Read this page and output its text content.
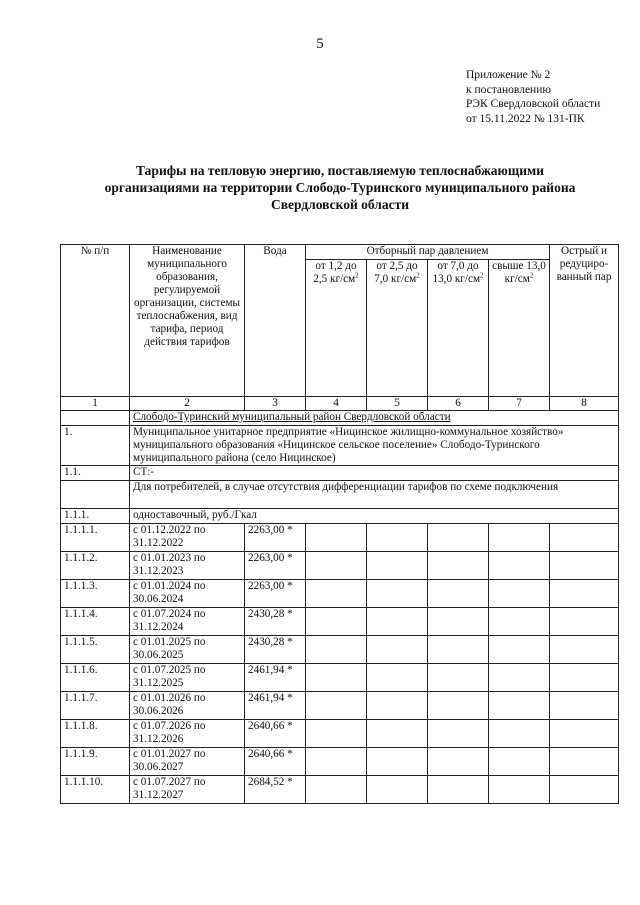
5
Приложение № 2
к постановлению
РЭК Свердловской области
от 15.11.2022 № 131-ПК
Тарифы на тепловую энергию, поставляемую теплоснабжающими
организациями на территории Слободо-Туринского муниципального района
Свердловской области
№ п/п	Наименование муниципального образования, регулируемой организации, системы теплоснабжения, вид тарифа, период действия тарифов	Вода	Отборный пар давлением				Острый и редуциро-ванный пар
			от 1,2 до 2,5 $кг/см^2$	от 2,5 до 7,0 $кг/см^2$	от 7,0 до 13,0 $кг/см^2$	свыше 13,0 $кг/см^2$
1	2	3	4	5	6	7	8
	Слободо-Туринский муниципальный район Свердловской области						
1.	Муниципальное унитарное предприятие «Ницинское жилищно-коммунальное хозяйство» муниципального образования «Ницинское сельское поселение» Слободо-Туринского муниципального района (село Ницинское)						
1.1.	СТ:-						
	Для потребителей, в случае отсутствия дифференциации тарифов по схеме подключения						
1.1.1.	одноставочный, руб./Гкал						
1.1.1.1.	с 01.12.2022 по 31.12.2022	2263,00 *					
1.1.1.2.	с 01.01.2023 по 31.12.2023	2263,00 *					
1.1.1.3.	с 01.01.2024 по 30.06.2024	2263,00 *					
1.1.1.4.	с 01.07.2024 по 31.12.2024	2430,28 *					
1.1.1.5.	с 01.01.2025 по 30.06.2025	2430,28 *					
1.1.1.6.	с 01.07.2025 по 31.12.2025	2461,94 *					
1.1.1.7.	с 01.01.2026 по 30.06.2026	2461,94 *					
1.1.1.8.	с 01.07.2026 по 31.12.2026	2640,66 *					
1.1.1.9.	с 01.01.2027 по 30.06.2027	2640,66 *					
1.1.1.10.	с 01.07.2027 по 31.12.2027	2684,52 *					
